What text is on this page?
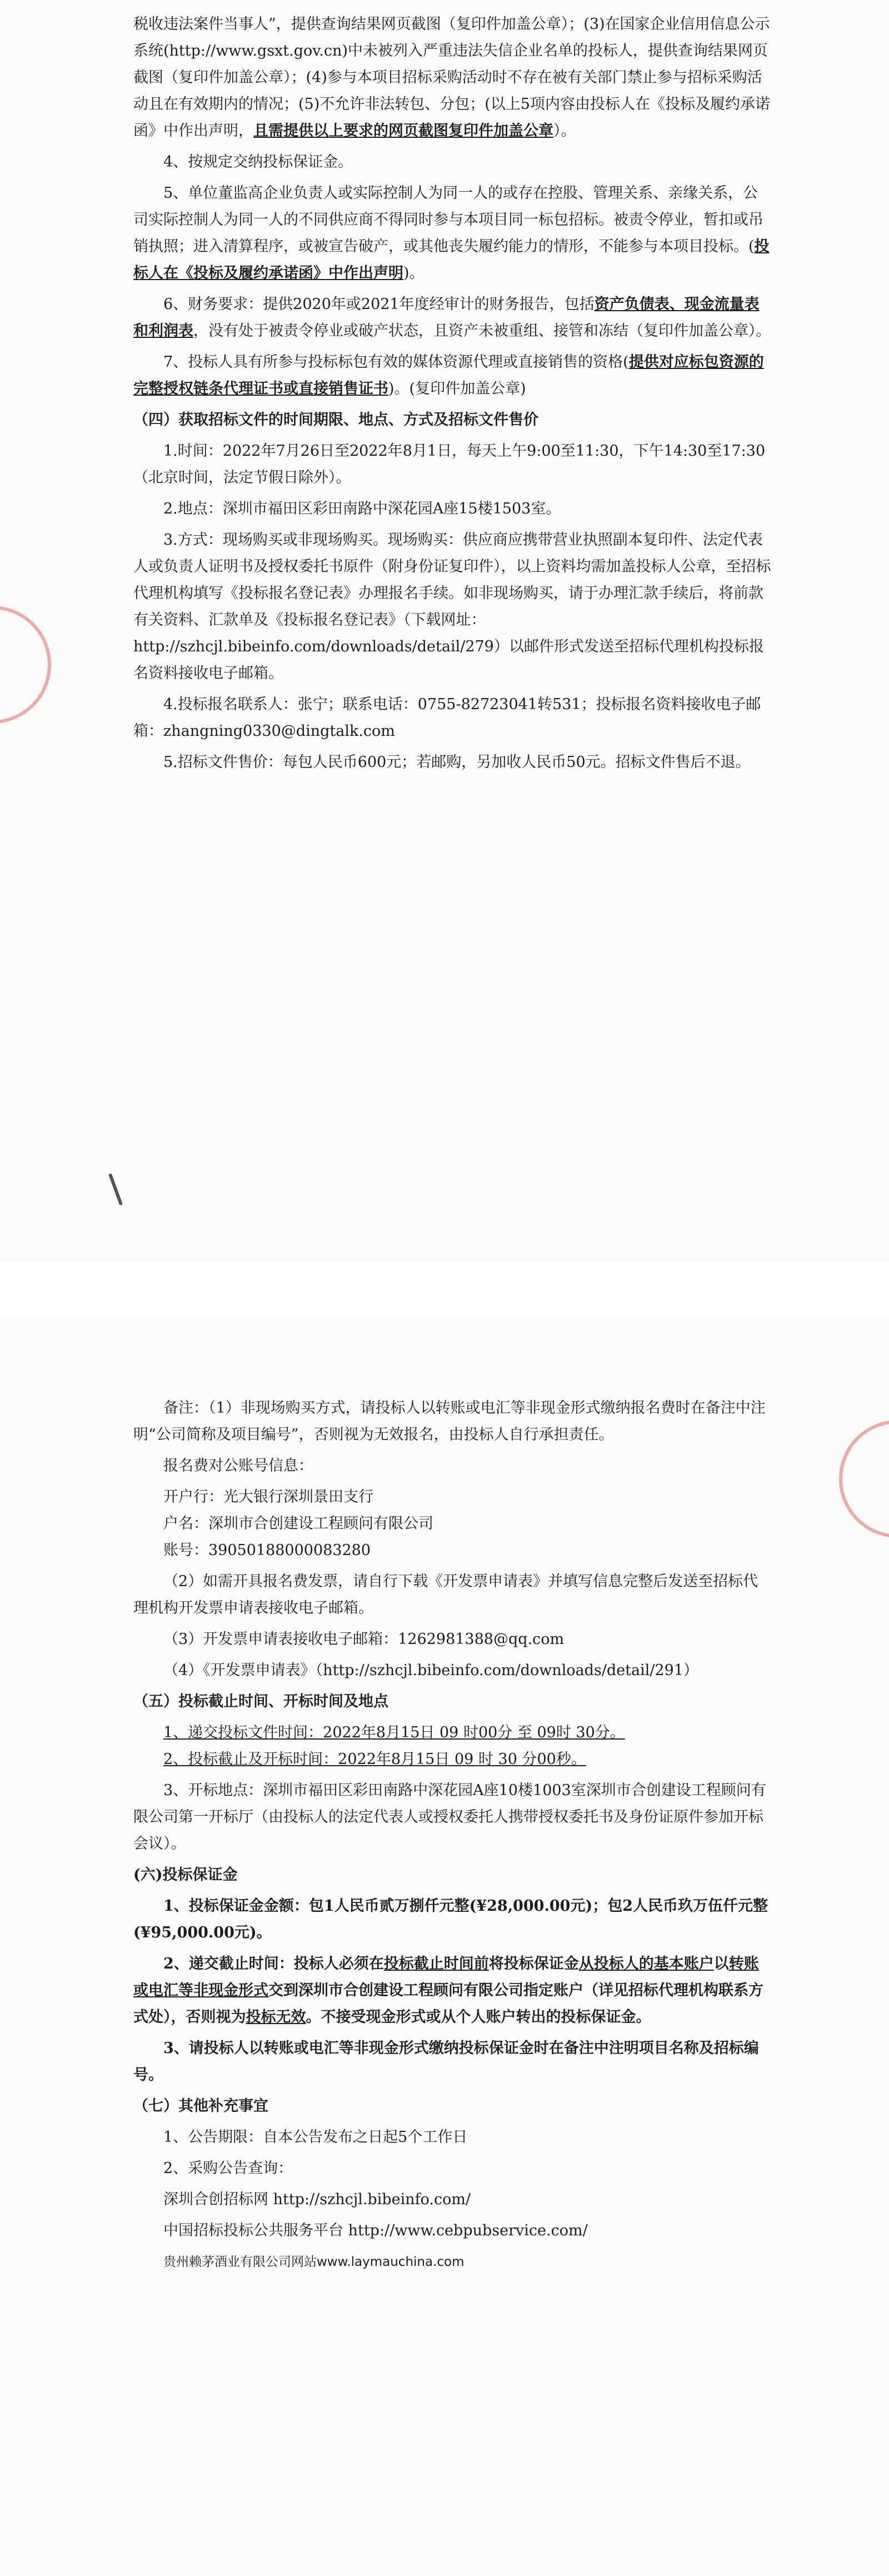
税收违法案件当事人”，提供查询结果网页截图（复印件加盖公章）；(3)在国家企业信用信息公示系统(http://www.gsxt.gov.cn)中未被列入严重违法失信企业名单的投标人，提供查询结果网页截图（复印件加盖公章）；(4)参与本项目招标采购活动时不存在被有关部门禁止参与招标采购活动且在有效期内的情况；(5)不允许非法转包、分包；(以上5项内容由投标人在《投标及履约承诺函》中作出声明，且需提供以上要求的网页截图复印件加盖公章）。

4、按规定交纳投标保证金。

5、单位董监高企业负责人或实际控制人为同一人的或存在控股、管理关系、亲缘关系，公司实际控制人为同一人的不同供应商不得同时参与本项目同一标包招标。被责令停业，暂扣或吊销执照；进入清算程序，或被宣告破产，或其他丧失履约能力的情形，不能参与本项目投标。(投标人在《投标及履约承诺函》中作出声明)。

6、财务要求：提供2020年或2021年度经审计的财务报告，包括资产负债表、现金流量表和利润表，没有处于被责令停业或破产状态，且资产未被重组、接管和冻结（复印件加盖公章）。

7、投标人具有所参与投标标包有效的媒体资源代理或直接销售的资格(提供对应标包资源的完整授权链条代理证书或直接销售证书)。(复印件加盖公章)

（四）获取招标文件的时间期限、地点、方式及招标文件售价

1.时间：2022年7月26日至2022年8月1日，每天上午9:00至11:30，下午14:30至17:30（北京时间，法定节假日除外）。

2.地点：深圳市福田区彩田南路中深花园A座15楼1503室。

3.方式：现场购买或非现场购买。现场购买：供应商应携带营业执照副本复印件、法定代表人或负责人证明书及授权委托书原件（附身份证复印件），以上资料均需加盖投标人公章，至招标代理机构填写《投标报名登记表》办理报名手续。如非现场购买，请于办理汇款手续后，将前款有关资料、汇款单及《投标报名登记表》（下载网址：http://szhcjl.bibeinfo.com/downloads/detail/279）以邮件形式发送至招标代理机构投标报名资料接收电子邮箱。

4.投标报名联系人：张宁；联系电话：0755-82723041转531；投标报名资料接收电子邮箱：zhangning0330@dingtalk.com

5.招标文件售价：每包人民币600元；若邮购，另加收人民币50元。招标文件售后不退。

备注：（1）非现场购买方式，请投标人以转账或电汇等非现金形式缴纳报名费时在备注中注明“公司简称及项目编号”，否则视为无效报名，由投标人自行承担责任。

报名费对公账号信息：

开户行：光大银行深圳景田支行

户名：深圳市合创建设工程顾问有限公司

账号：39050188000083280

（2）如需开具报名费发票，请自行下载《开发票申请表》并填写信息完整后发送至招标代理机构开发票申请表接收电子邮箱。

（3）开发票申请表接收电子邮箱：1262981388@qq.com

（4）《开发票申请表》（http://szhcjl.bibeinfo.com/downloads/detail/291）

（五）投标截止时间、开标时间及地点

1、递交投标文件时间：2022年8月15日 09 时00分 至 09时 30分。

2、投标截止及开标时间：2022年8月15日 09 时 30 分00秒。

3、开标地点：深圳市福田区彩田南路中深花园A座10楼1003室深圳市合创建设工程顾问有限公司第一开标厅（由投标人的法定代表人或授权委托人携带授权委托书及身份证原件参加开标会议）。

(六)投标保证金

1、投标保证金金额：包1人民币贰万捌仟元整(¥28,000.00元)；包2人民币玖万伍仟元整(¥95,000.00元)。

2、递交截止时间：投标人必须在投标截止时间前将投标保证金从投标人的基本账户以转账或电汇等非现金形式交到深圳市合创建设工程顾问有限公司指定账户（详见招标代理机构联系方式处），否则视为投标无效。不接受现金形式或从个人账户转出的投标保证金。

3、请投标人以转账或电汇等非现金形式缴纳投标保证金时在备注中注明项目名称及招标编号。

（七）其他补充事宜

1、公告期限：自本公告发布之日起5个工作日

2、采购公告查询：

深圳合创招标网 http://szhcjl.bibeinfo.com/

中国招标投标公共服务平台 http://www.cebpubservice.com/

贵州赖茅酒业有限公司网站www.laymauchina.com
